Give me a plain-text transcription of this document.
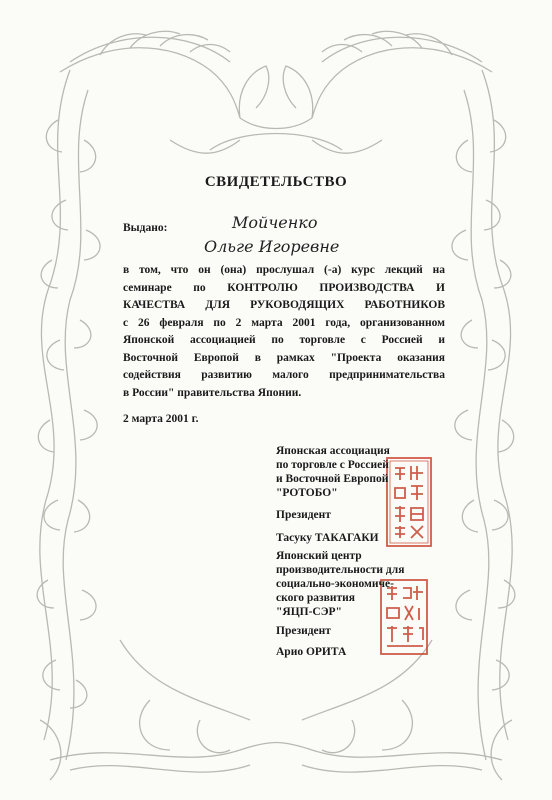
СВИДЕТЕЛЬСТВО
Выдано:	Мойченко
Ольге Игоревне
в том, что он (она) прослушал (-а) курс лекций на
семинаре по КОНТРОЛЮ ПРОИЗВОДСТВА И
КАЧЕСТВА ДЛЯ РУКОВОДЯЩИХ РАБОТНИКОВ
с 26 февраля по 2 марта 2001 года, организованном
Японской ассоциацией по торговле с Россией и
Восточной Европой в рамках "Проекта оказания
содействия развитию малого предпринимательства
в России" правительства Японии.
2 марта 2001 г.
Японская ассоциация
по торговле с Россией
и Восточной Европой
"РОТОБО"
Президент
Тасуку ТАКАГАКИ
Японский центр
производительности для
социально-экономиче-
ского развития
"ЯЦП-СЭР"
Президент
Арио ОРИТА
